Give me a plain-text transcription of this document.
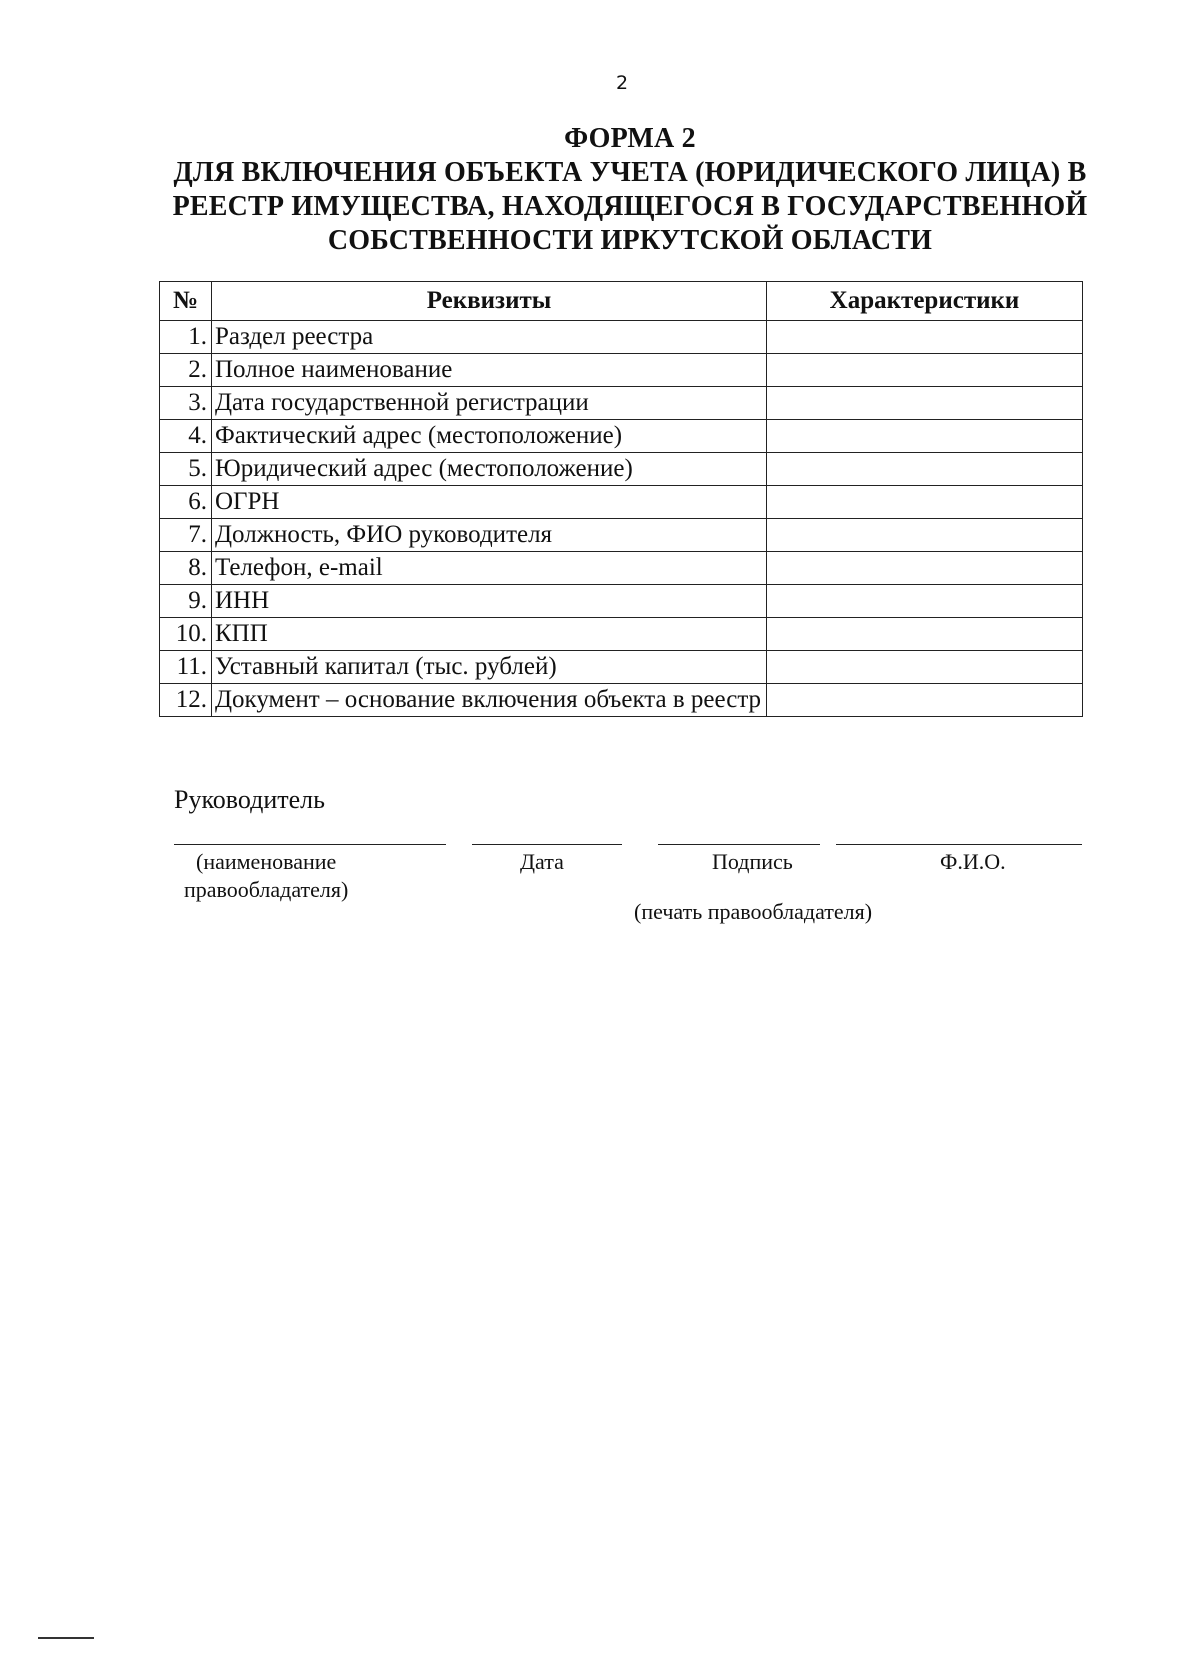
2
ФОРМА 2
ДЛЯ ВКЛЮЧЕНИЯ ОБЪЕКТА УЧЕТА (ЮРИДИЧЕСКОГО ЛИЦА) В
РЕЕСТР ИМУЩЕСТВА, НАХОДЯЩЕГОСЯ В ГОСУДАРСТВЕННОЙ
СОБСТВЕННОСТИ ИРКУТСКОЙ ОБЛАСТИ
№	Реквизиты	Характеристики
1.	Раздел реестра	
2.	Полное наименование	
3.	Дата государственной регистрации	
4.	Фактический адрес (местоположение)	
5.	Юридический адрес (местоположение)	
6.	ОГРН	
7.	Должность, ФИО руководителя	
8.	Телефон, e-mail	
9.	ИНН	
10.	КПП	
11.	Уставный капитал (тыс. рублей)	
12.	Документ – основание включения объекта в реестр	
Руководитель
(наименование
правообладателя)
Дата	Подпись	Ф.И.О.
(печать правообладателя)
